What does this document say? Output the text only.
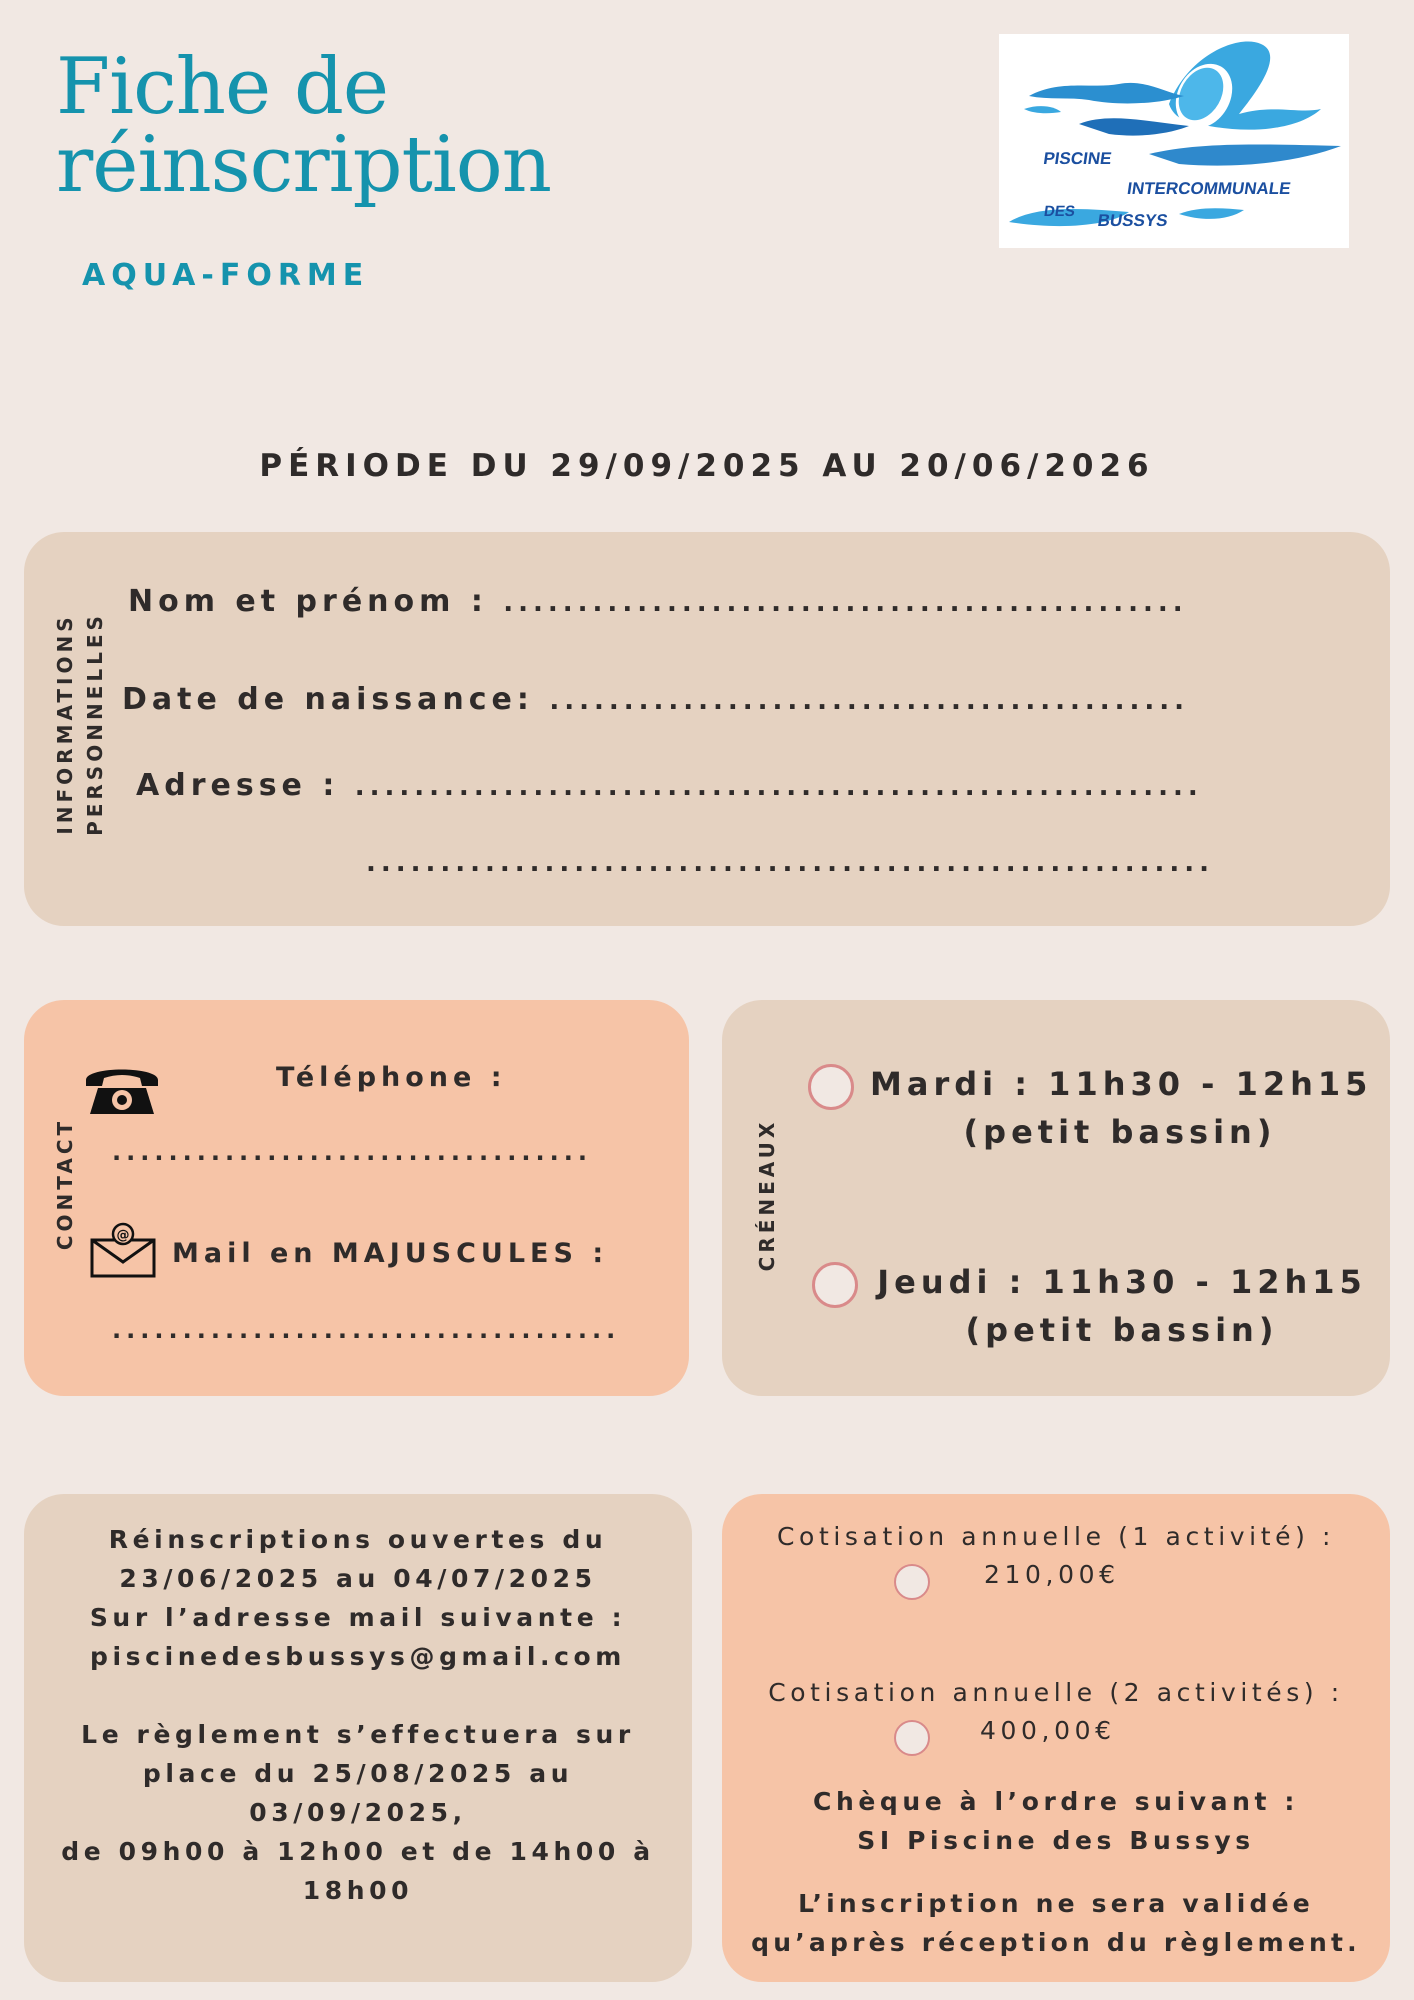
Fiche de
réinscription
AQUA-FORME
PISCINE
INTERCOMMUNALE
DES BUSSYS
PÉRIODE DU 29/09/2025 AU 20/06/2026
INFORMATIONS PERSONNELLES
Nom et prénom : ..............................................
Date de naissance: ...........................................
Adresse : .........................................................
.........................................................
CONTACT
Téléphone :
..................................
@
Mail en MAJUSCULES :
....................................
CRÉNEAUX
Mardi : 11h30 - 12h15
(petit bassin)
Jeudi : 11h30 - 12h15
(petit bassin)
Réinscriptions ouvertes du
23/06/2025 au 04/07/2025
Sur l’adresse mail suivante :
piscinedesbussys@gmail.com
Le règlement s’effectuera sur
place du 25/08/2025 au
03/09/2025,
de 09h00 à 12h00 et de 14h00 à
18h00
Cotisation annuelle (1 activité) :
210,00€
Cotisation annuelle (2 activités) :
400,00€
Chèque à l’ordre suivant :
SI Piscine des Bussys
L’inscription ne sera validée
qu’après réception du règlement.
